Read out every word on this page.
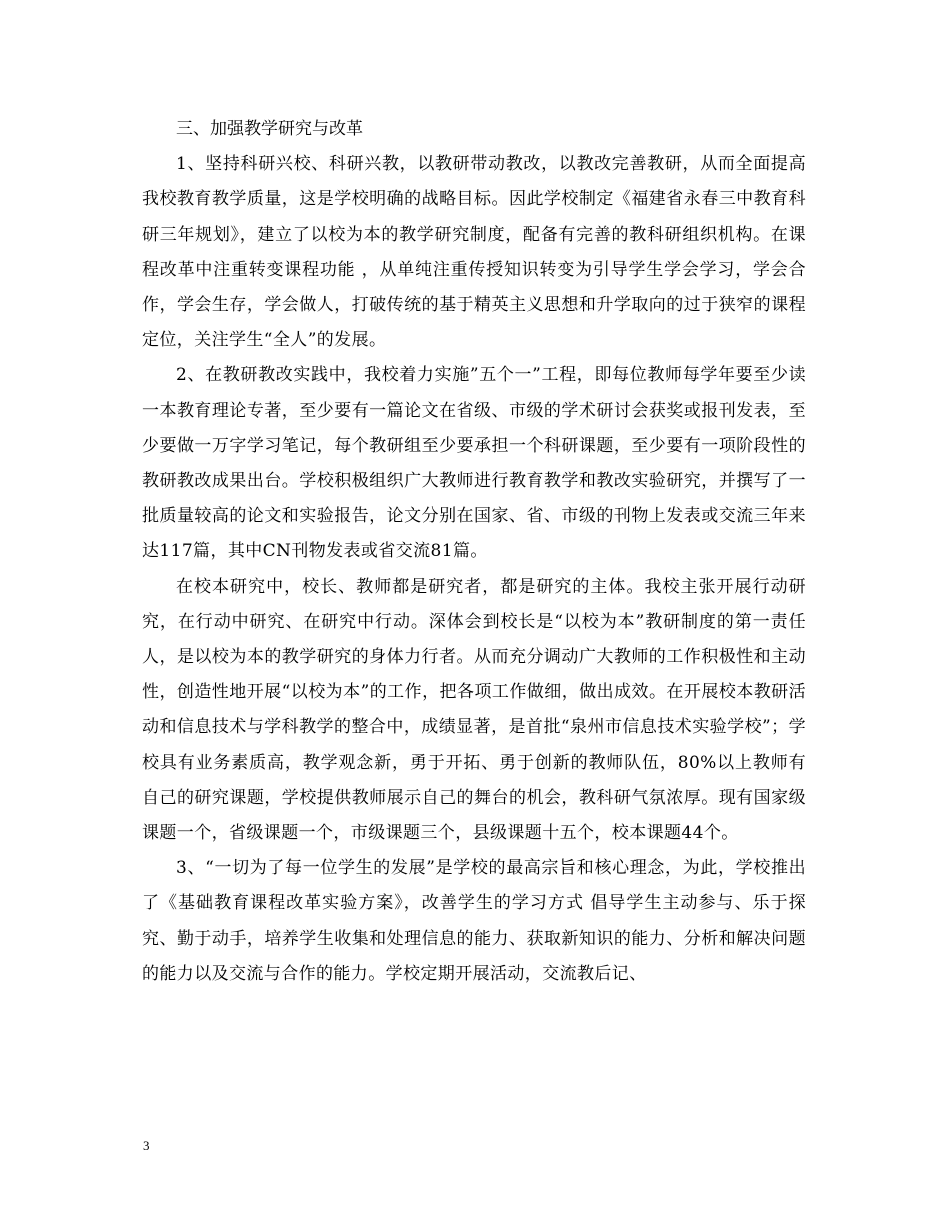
三、加强教学研究与改革

1、坚持科研兴校、科研兴教，以教研带动教改，以教改完善教研，从而全面提高我校教育教学质量，这是学校明确的战略目标。因此学校制定《福建省永春三中教育科研三年规划》，建立了以校为本的教学研究制度，配备有完善的教科研组织机构。在课程改革中注重转变课程功能 ，从单纯注重传授知识转变为引导学生学会学习，学会合作，学会生存，学会做人，打破传统的基于精英主义思想和升学取向的过于狭窄的课程定位，关注学生“全人”的发展。

2、在教研教改实践中，我校着力实施”五个一”工程，即每位教师每学年要至少读一本教育理论专著，至少要有一篇论文在省级、市级的学术研讨会获奖或报刊发表，至少要做一万字学习笔记，每个教研组至少要承担一个科研课题，至少要有一项阶段性的教研教改成果出台。学校积极组织广大教师进行教育教学和教改实验研究，并撰写了一批质量较高的论文和实验报告，论文分别在国家、省、市级的刊物上发表或交流三年来达117篇，其中CN刊物发表或省交流81篇。

在校本研究中，校长、教师都是研究者，都是研究的主体。我校主张开展行动研究，在行动中研究、在研究中行动。深体会到校长是“以校为本”教研制度的第一责任人，是以校为本的教学研究的身体力行者。从而充分调动广大教师的工作积极性和主动性，创造性地开展“以校为本”的工作，把各项工作做细，做出成效。在开展校本教研活动和信息技术与学科教学的整合中，成绩显著，是首批“泉州市信息技术实验学校”；学校具有业务素质高，教学观念新，勇于开拓、勇于创新的教师队伍，80%以上教师有自己的研究课题，学校提供教师展示自己的舞台的机会，教科研气氛浓厚。现有国家级课题一个，省级课题一个，市级课题三个，县级课题十五个，校本课题44个。

3、“一切为了每一位学生的发展”是学校的最高宗旨和核心理念，为此，学校推出了《基础教育课程改革实验方案》，改善学生的学习方式 倡导学生主动参与、乐于探究、勤于动手，培养学生收集和处理信息的能力、获取新知识的能力、分析和解决问题的能力以及交流与合作的能力。学校定期开展活动，交流教后记、

3
